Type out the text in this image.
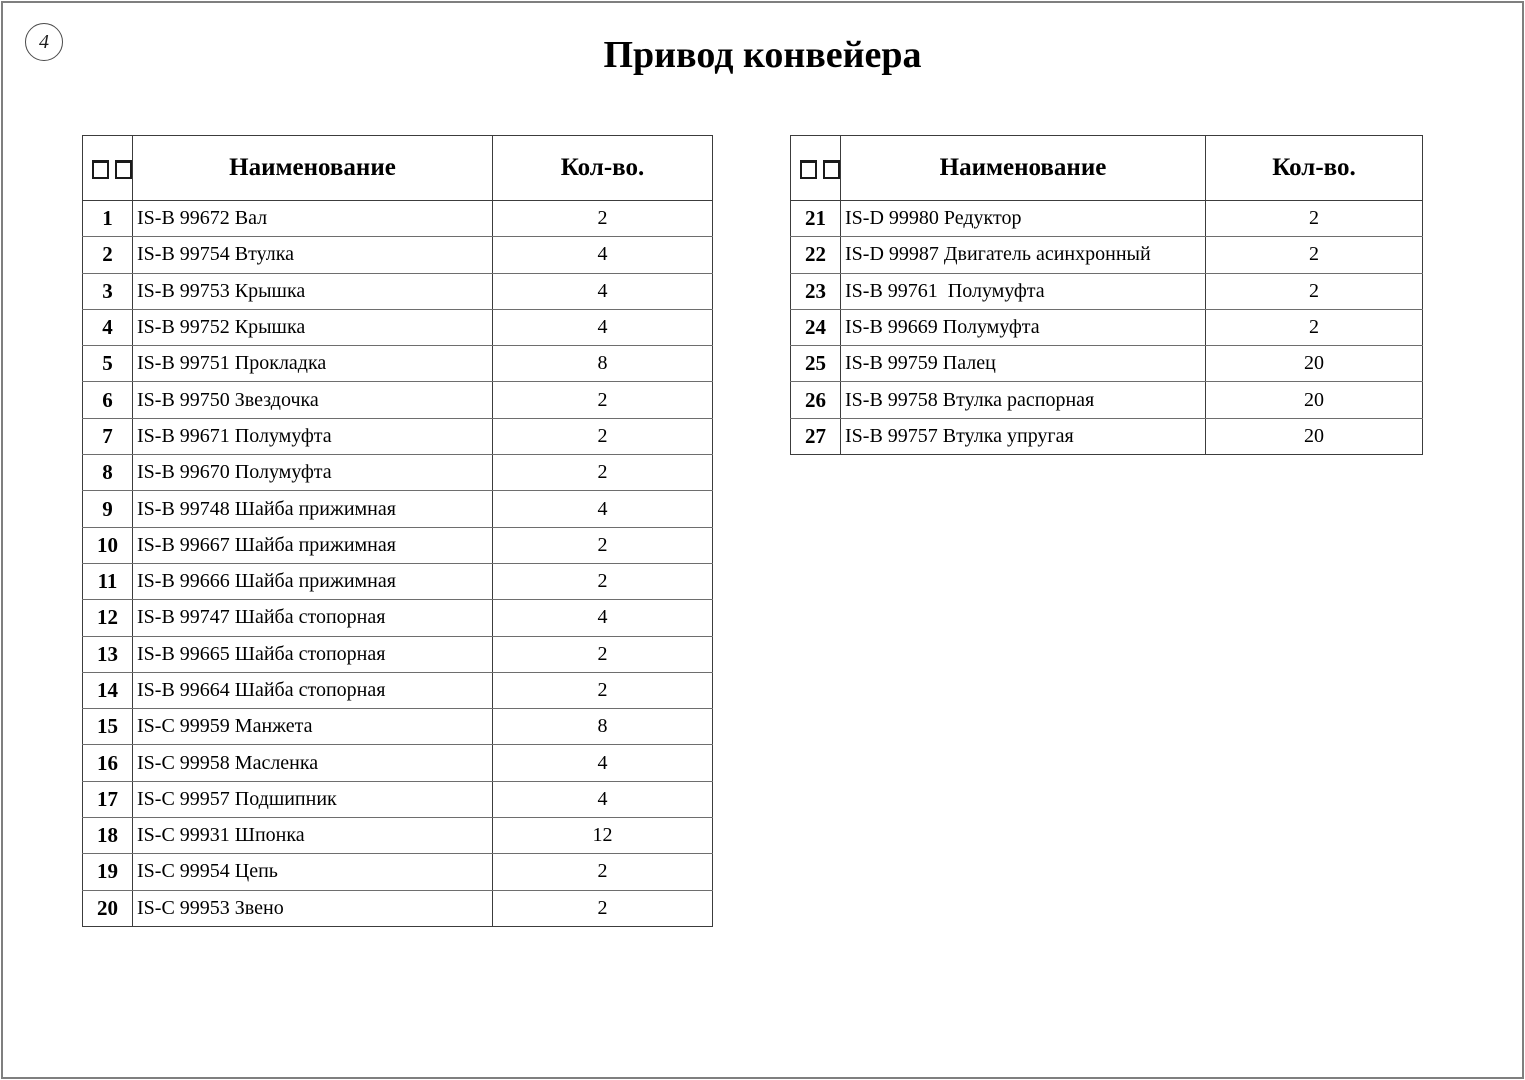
4	Привод конвейера
	Наименование	Кол-во.
1	IS-B 99672 Вал	2
2	IS-B 99754 Втулка	4
3	IS-B 99753 Крышка	4
4	IS-B 99752 Крышка	4
5	IS-B 99751 Прокладка	8
6	IS-B 99750 Звездочка	2
7	IS-B 99671 Полумуфта	2
8	IS-B 99670 Полумуфта	2
9	IS-B 99748 Шайба прижимная	4
10	IS-B 99667 Шайба прижимная	2
11	IS-B 99666 Шайба прижимная	2
12	IS-B 99747 Шайба стопорная	4
13	IS-B 99665 Шайба стопорная	2
14	IS-B 99664 Шайба стопорная	2
15	IS-C 99959 Манжета	8
16	IS-C 99958 Масленка	4
17	IS-C 99957 Подшипник	4
18	IS-C 99931 Шпонка	12
19	IS-C 99954 Цепь	2
20	IS-C 99953 Звено	2
	Наименование	Кол-во.
21	IS-D 99980 Редуктор	2
22	IS-D 99987 Двигатель асинхронный	2
23	IS-B 99761  Полумуфта	2
24	IS-B 99669 Полумуфта	2
25	IS-B 99759 Палец	20
26	IS-B 99758 Втулка распорная	20
27	IS-B 99757 Втулка упругая	20
